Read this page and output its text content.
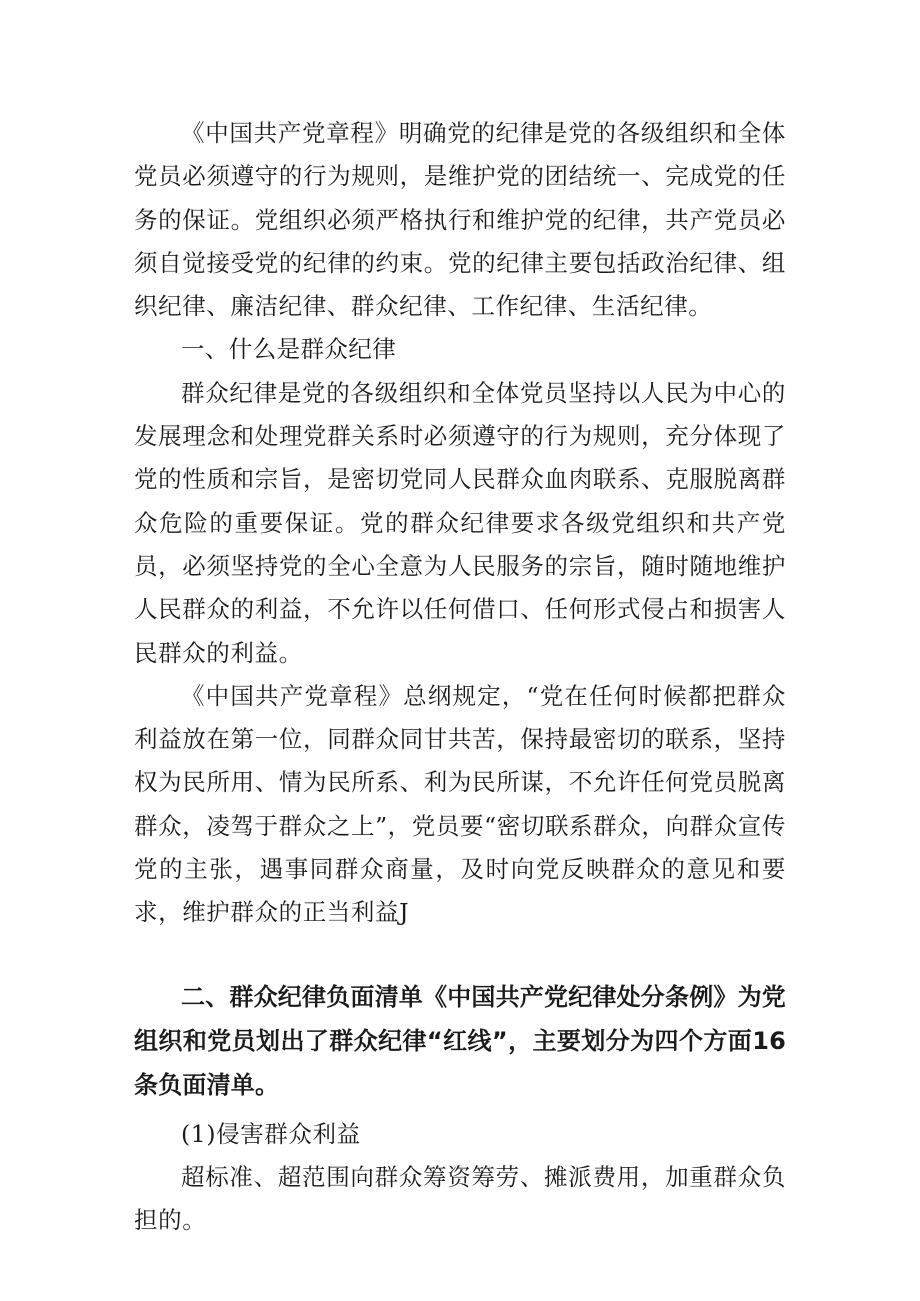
《中国共产党章程》明确党的纪律是党的各级组织和全体党员必须遵守的行为规则，是维护党的团结统一、完成党的任务的保证。党组织必须严格执行和维护党的纪律，共产党员必须自觉接受党的纪律的约束。党的纪律主要包括政治纪律、组织纪律、廉洁纪律、群众纪律、工作纪律、生活纪律。

一、什么是群众纪律

群众纪律是党的各级组织和全体党员坚持以人民为中心的发展理念和处理党群关系时必须遵守的行为规则，充分体现了党的性质和宗旨，是密切党同人民群众血肉联系、克服脱离群众危险的重要保证。党的群众纪律要求各级党组织和共产党员，必须坚持党的全心全意为人民服务的宗旨，随时随地维护人民群众的利益，不允许以任何借口、任何形式侵占和损害人民群众的利益。

《中国共产党章程》总纲规定，“党在任何时候都把群众利益放在第一位，同群众同甘共苦，保持最密切的联系，坚持权为民所用、情为民所系、利为民所谋，不允许任何党员脱离群众，凌驾于群众之上”，党员要“密切联系群众，向群众宣传党的主张，遇事同群众商量，及时向党反映群众的意见和要求，维护群众的正当利益J

二、群众纪律负面清单《中国共产党纪律处分条例》为党组织和党员划出了群众纪律“红线”，主要划分为四个方面16条负面清单。

(1)侵害群众利益

超标准、超范围向群众筹资筹劳、摊派费用，加重群众负担的。
